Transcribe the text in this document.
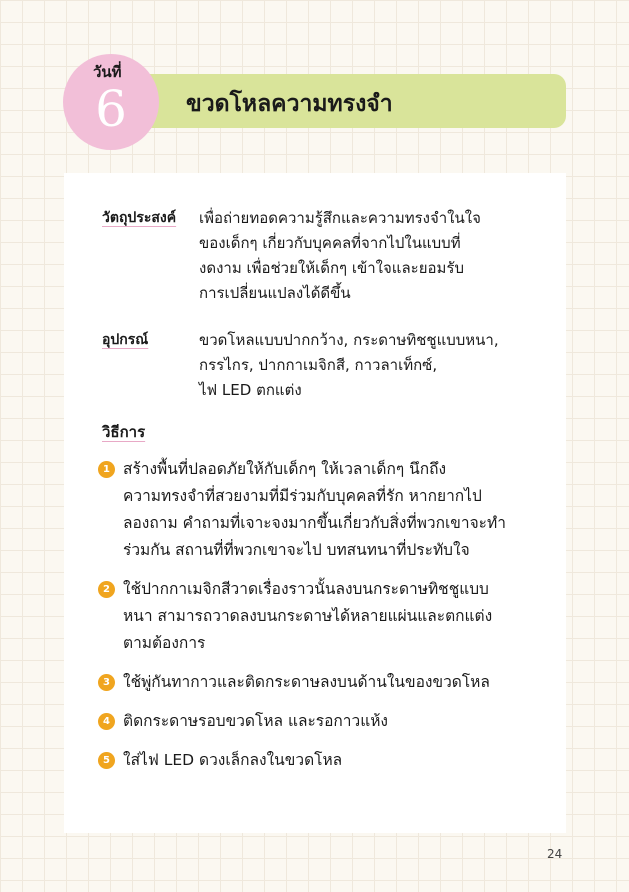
ขวดโหลความทรงจำ
วันที่
6
วัตถุประสงค์ เพื่อถ่ายทอดความรู้สึกและความทรงจำในใจ
ของเด็กๆ เกี่ยวกับบุคคลที่จากไปในแบบที่
งดงาม เพื่อช่วยให้เด็กๆ เข้าใจและยอมรับ
การเปลี่ยนแปลงได้ดีขึ้น
อุปกรณ์	ขวดโหลแบบปากกว้าง, กระดาษทิชชูแบบหนา,
กรรไกร, ปากกาเมจิกสี, กาวลาเท็กซ์,
ไฟ LED ตกแต่ง
วิธีการ
1 สร้างพื้นที่ปลอดภัยให้กับเด็กๆ ให้เวลาเด็กๆ นึกถึง
ความทรงจำที่สวยงามที่มีร่วมกับบุคคลที่รัก หากยากไป
ลองถาม คำถามที่เจาะจงมากขึ้นเกี่ยวกับสิ่งที่พวกเขาจะทำ
ร่วมกัน สถานที่ที่พวกเขาจะไป บทสนทนาที่ประทับใจ
2 ใช้ปากกาเมจิกสีวาดเรื่องราวนั้นลงบนกระดาษทิชชูแบบ
หนา สามารถวาดลงบนกระดาษได้หลายแผ่นและตกแต่ง
ตามต้องการ
3 ใช้พู่กันทากาวและติดกระดาษลงบนด้านในของขวดโหล
4 ติดกระดาษรอบขวดโหล และรอกาวแห้ง
5 ใส่ไฟ LED ดวงเล็กลงในขวดโหล
24
